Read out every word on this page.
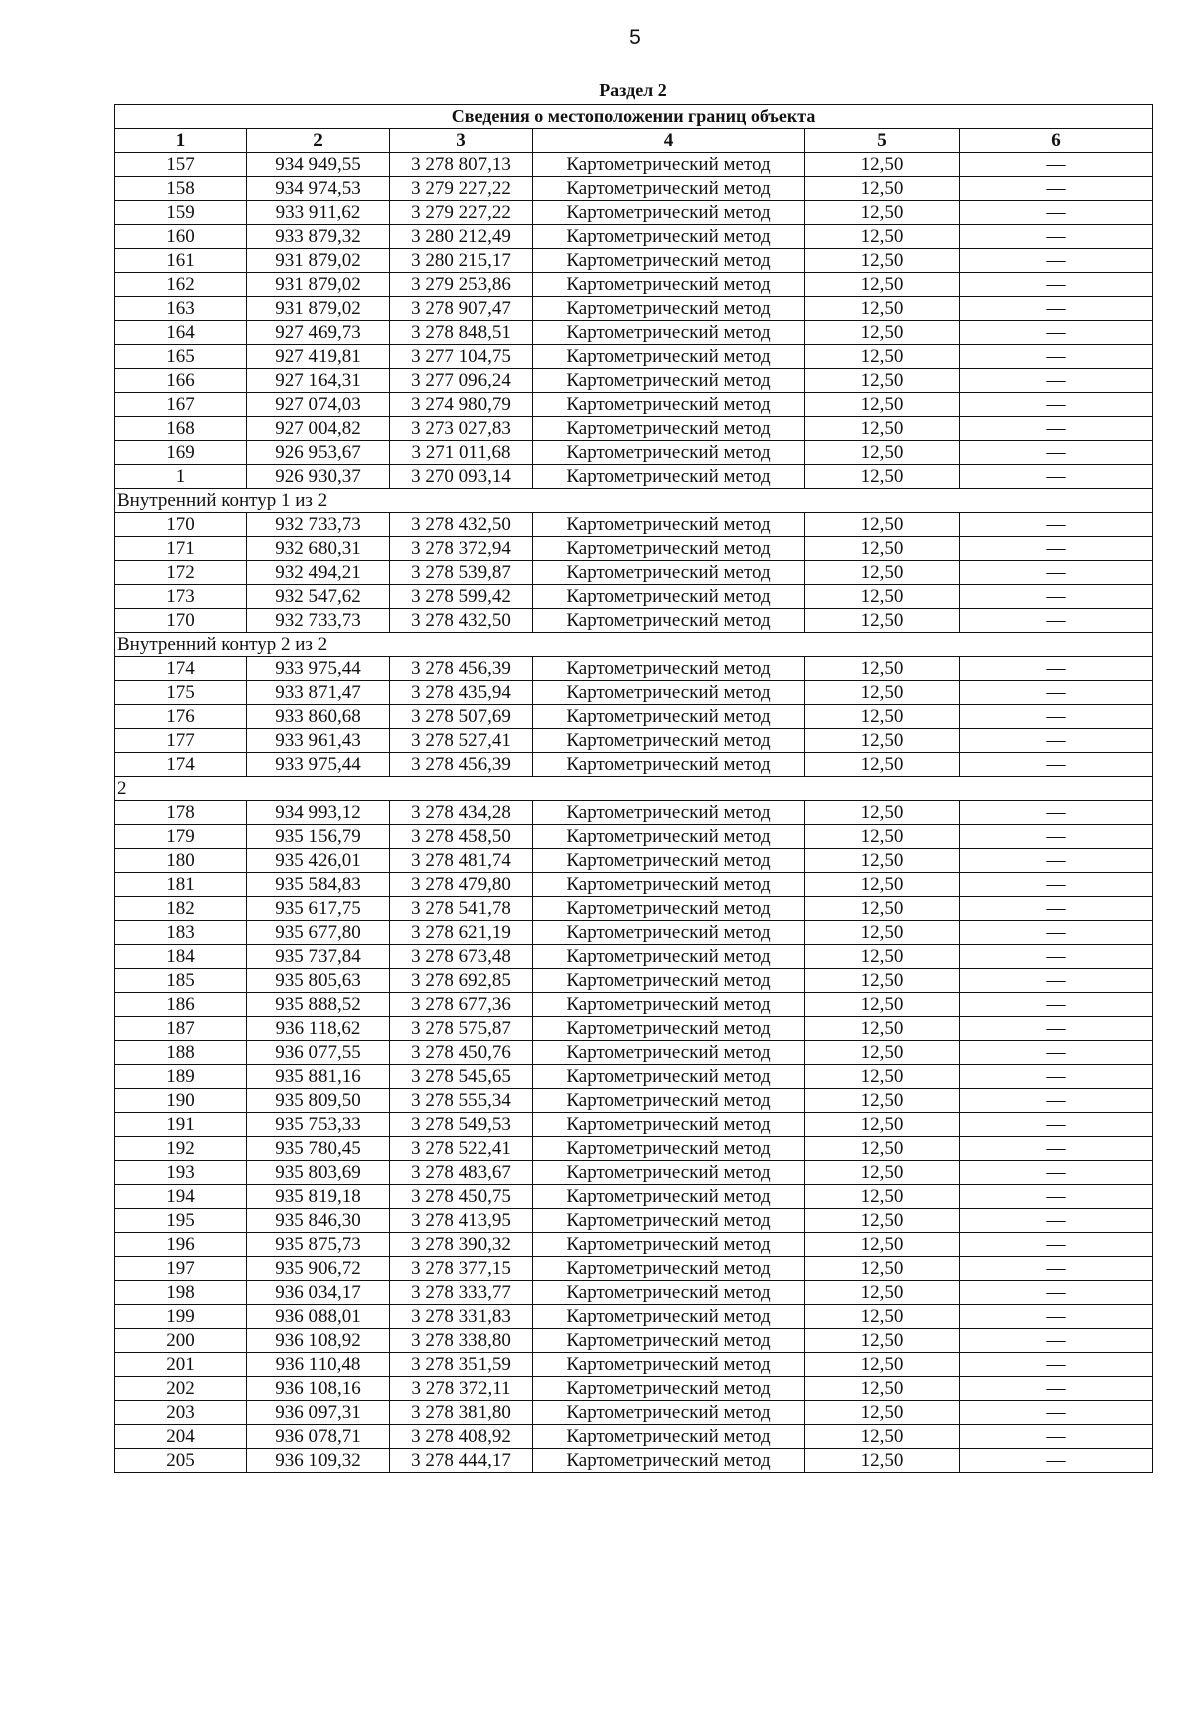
5
Раздел 2
Сведения о местоположении границ объекта					
1	2	3	4	5	6
157	934 949,55	3 278 807,13	Картометрический метод	12,50	—
158	934 974,53	3 279 227,22	Картометрический метод	12,50	—
159	933 911,62	3 279 227,22	Картометрический метод	12,50	—
160	933 879,32	3 280 212,49	Картометрический метод	12,50	—
161	931 879,02	3 280 215,17	Картометрический метод	12,50	—
162	931 879,02	3 279 253,86	Картометрический метод	12,50	—
163	931 879,02	3 278 907,47	Картометрический метод	12,50	—
164	927 469,73	3 278 848,51	Картометрический метод	12,50	—
165	927 419,81	3 277 104,75	Картометрический метод	12,50	—
166	927 164,31	3 277 096,24	Картометрический метод	12,50	—
167	927 074,03	3 274 980,79	Картометрический метод	12,50	—
168	927 004,82	3 273 027,83	Картометрический метод	12,50	—
169	926 953,67	3 271 011,68	Картометрический метод	12,50	—
1	926 930,37	3 270 093,14	Картометрический метод	12,50	—
Внутренний контур 1 из 2					
170	932 733,73	3 278 432,50	Картометрический метод	12,50	—
171	932 680,31	3 278 372,94	Картометрический метод	12,50	—
172	932 494,21	3 278 539,87	Картометрический метод	12,50	—
173	932 547,62	3 278 599,42	Картометрический метод	12,50	—
170	932 733,73	3 278 432,50	Картометрический метод	12,50	—
Внутренний контур 2 из 2					
174	933 975,44	3 278 456,39	Картометрический метод	12,50	—
175	933 871,47	3 278 435,94	Картометрический метод	12,50	—
176	933 860,68	3 278 507,69	Картометрический метод	12,50	—
177	933 961,43	3 278 527,41	Картометрический метод	12,50	—
174	933 975,44	3 278 456,39	Картометрический метод	12,50	—
2					
178	934 993,12	3 278 434,28	Картометрический метод	12,50	—
179	935 156,79	3 278 458,50	Картометрический метод	12,50	—
180	935 426,01	3 278 481,74	Картометрический метод	12,50	—
181	935 584,83	3 278 479,80	Картометрический метод	12,50	—
182	935 617,75	3 278 541,78	Картометрический метод	12,50	—
183	935 677,80	3 278 621,19	Картометрический метод	12,50	—
184	935 737,84	3 278 673,48	Картометрический метод	12,50	—
185	935 805,63	3 278 692,85	Картометрический метод	12,50	—
186	935 888,52	3 278 677,36	Картометрический метод	12,50	—
187	936 118,62	3 278 575,87	Картометрический метод	12,50	—
188	936 077,55	3 278 450,76	Картометрический метод	12,50	—
189	935 881,16	3 278 545,65	Картометрический метод	12,50	—
190	935 809,50	3 278 555,34	Картометрический метод	12,50	—
191	935 753,33	3 278 549,53	Картометрический метод	12,50	—
192	935 780,45	3 278 522,41	Картометрический метод	12,50	—
193	935 803,69	3 278 483,67	Картометрический метод	12,50	—
194	935 819,18	3 278 450,75	Картометрический метод	12,50	—
195	935 846,30	3 278 413,95	Картометрический метод	12,50	—
196	935 875,73	3 278 390,32	Картометрический метод	12,50	—
197	935 906,72	3 278 377,15	Картометрический метод	12,50	—
198	936 034,17	3 278 333,77	Картометрический метод	12,50	—
199	936 088,01	3 278 331,83	Картометрический метод	12,50	—
200	936 108,92	3 278 338,80	Картометрический метод	12,50	—
201	936 110,48	3 278 351,59	Картометрический метод	12,50	—
202	936 108,16	3 278 372,11	Картометрический метод	12,50	—
203	936 097,31	3 278 381,80	Картометрический метод	12,50	—
204	936 078,71	3 278 408,92	Картометрический метод	12,50	—
205	936 109,32	3 278 444,17	Картометрический метод	12,50	—
